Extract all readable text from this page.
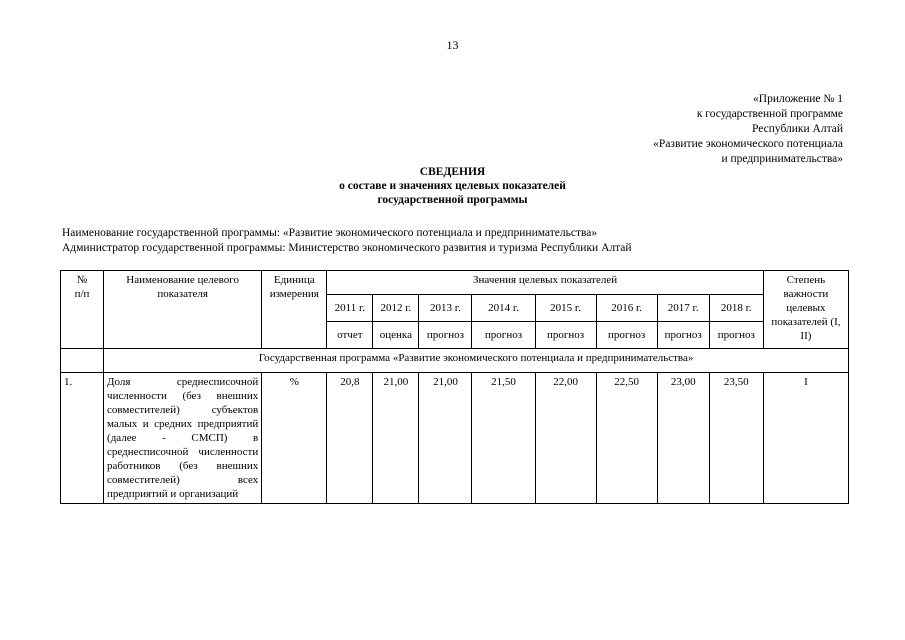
13
«Приложение № 1
к государственной программе
Республики Алтай
«Развитие экономического потенциала
и предпринимательства»
СВЕДЕНИЯ
о составе и значениях целевых показателей
государственной программы
Наименование государственной программы: «Развитие экономического потенциала и предпринимательства»
Администратор государственной программы: Министерство экономического развития и туризма Республики Алтай
№
п/п	Наименование целевого показателя	Единица измерения	Значения целевых показателей								Степень важности целевых показателей (I, II)
			2011 г.	2012 г.	2013 г.	2014 г.	2015 г.	2016 г.	2017 г.	2018 г.	
			отчет	оценка	прогноз	прогноз	прогноз	прогноз	прогноз	прогноз	
	Государственная программа «Развитие экономического потенциала и предпринимательства»										
1.	Доля среднесписочной численности (без внешних совместителей) субъектов малых и средних предприятий (далее - СМСП) в среднесписочной численности работников (без внешних совместителей) всех предприятий и организаций	%	20,8	21,00	21,00	21,50	22,00	22,50	23,00	23,50	I
